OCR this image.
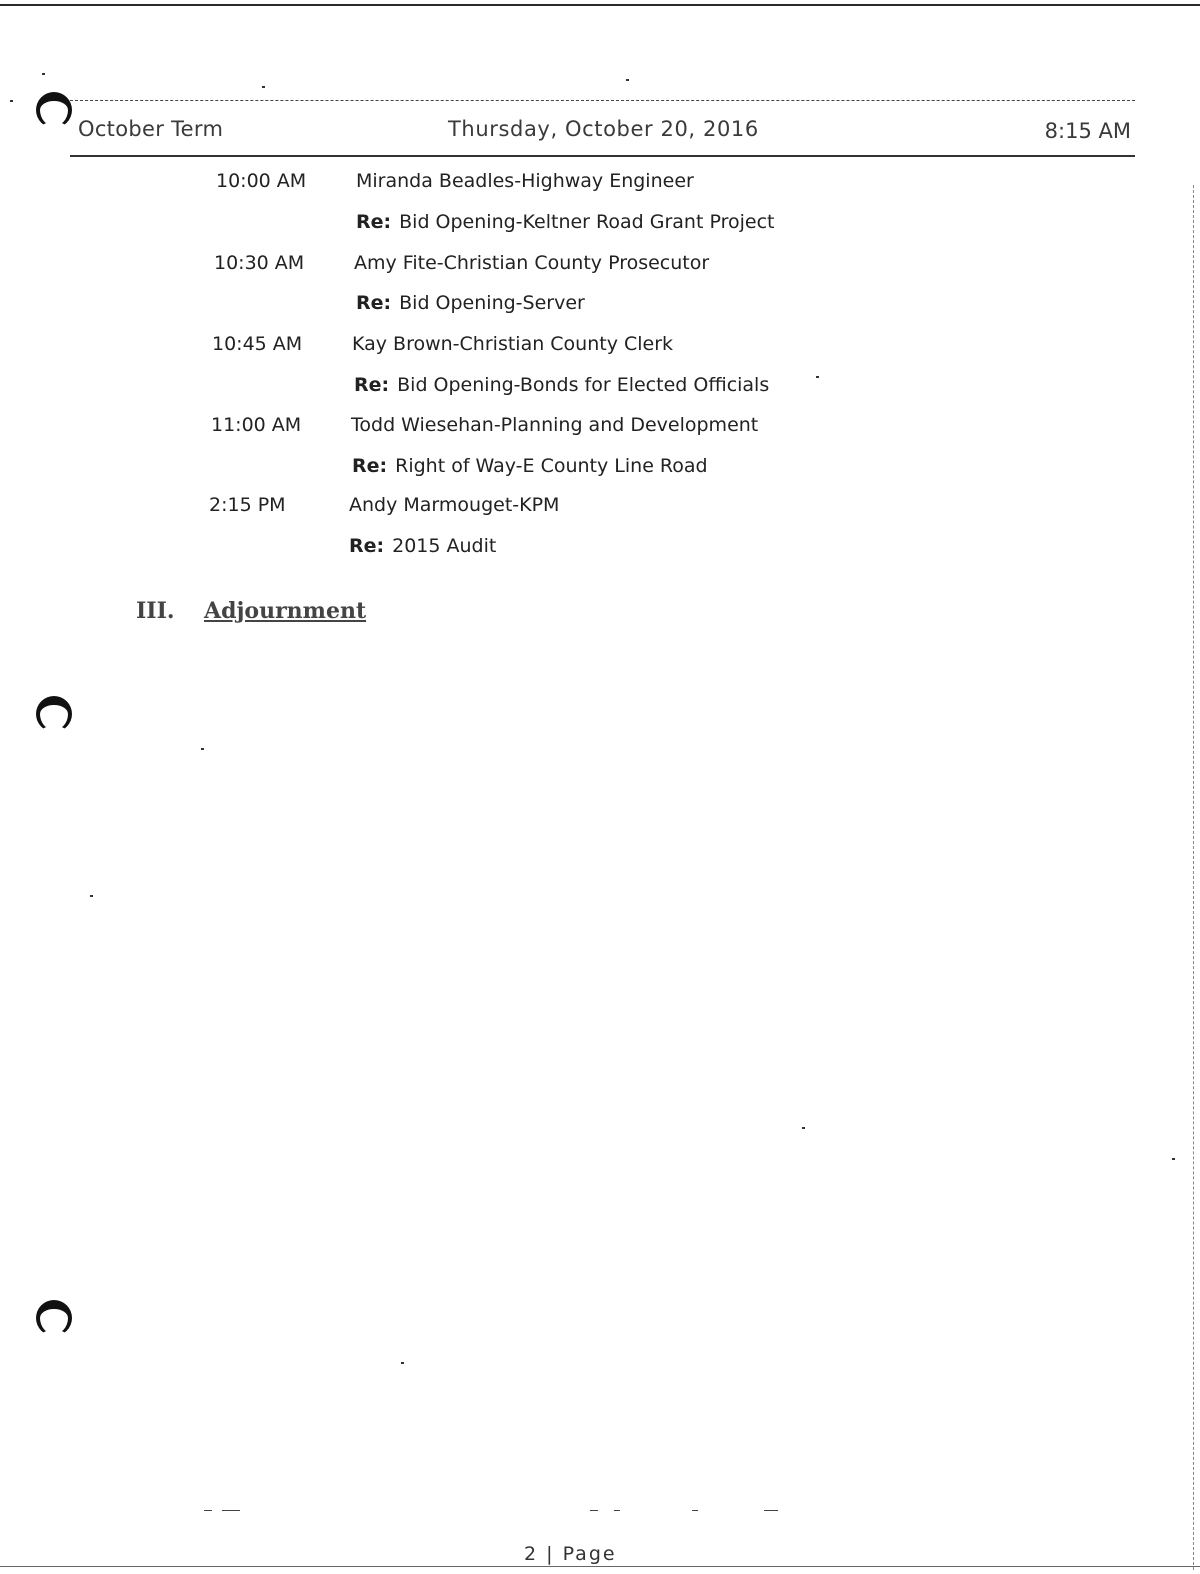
October Term	Thursday, October 20, 2016	8:15 AM
10:00 AM	Miranda Beadles-Highway Engineer
Re: Bid Opening-Keltner Road Grant Project
10:30 AM	Amy Fite-Christian County Prosecutor
Re: Bid Opening-Server
10:45 AM	Kay Brown-Christian County Clerk
Re: Bid Opening-Bonds for Elected Officials
11:00 AM	Todd Wiesehan-Planning and Development
Re: Right of Way-E County Line Road
2:15 PM	Andy Marmouget-KPM
Re: 2015 Audit
III. Adjournment
2 | Page
